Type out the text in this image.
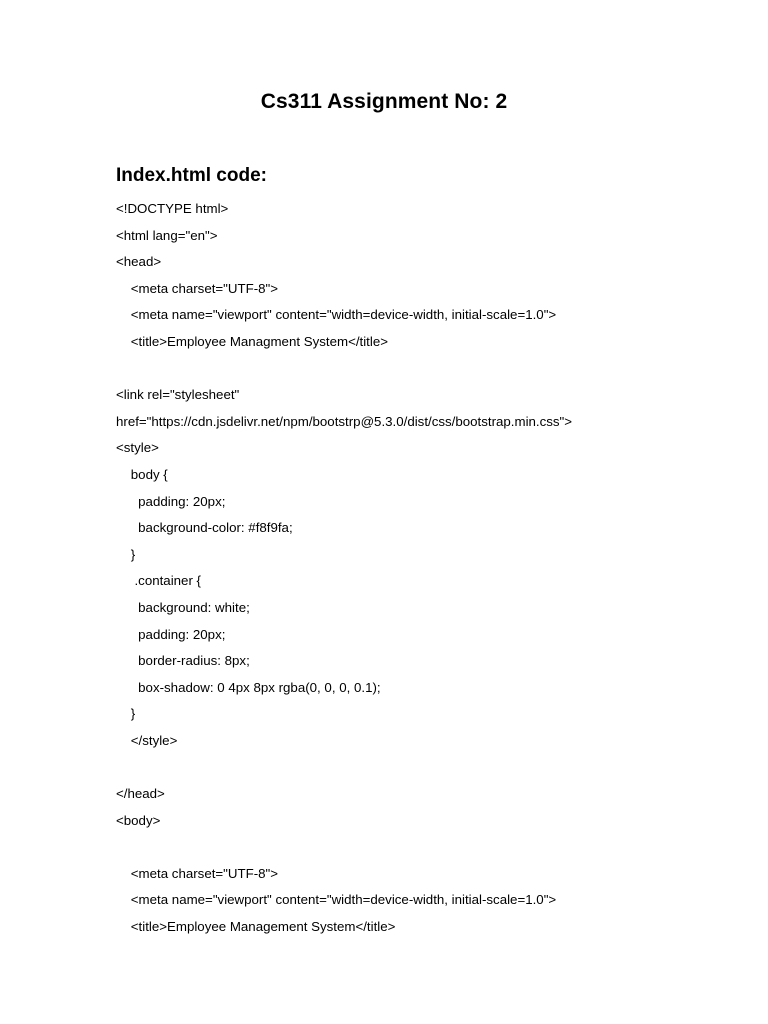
Cs311 Assignment No: 2
Index.html code:
<!DOCTYPE html>
<html lang="en">
<head>
<meta charset="UTF-8">
<meta name="viewport" content="width=device-width, initial-scale=1.0">
<title>Employee Managment System</title>
<link rel="stylesheet"
href="https://cdn.jsdelivr.net/npm/bootstrp@5.3.0/dist/css/bootstrap.min.css">
<style>
body {
padding: 20px;
background-color: #f8f9fa;
}
.container {
background: white;
padding: 20px;
border-radius: 8px;
box-shadow: 0 4px 8px rgba(0, 0, 0, 0.1);
}
</style>
</head>
<body>
<meta charset="UTF-8">
<meta name="viewport" content="width=device-width, initial-scale=1.0">
<title>Employee Management System</title>
